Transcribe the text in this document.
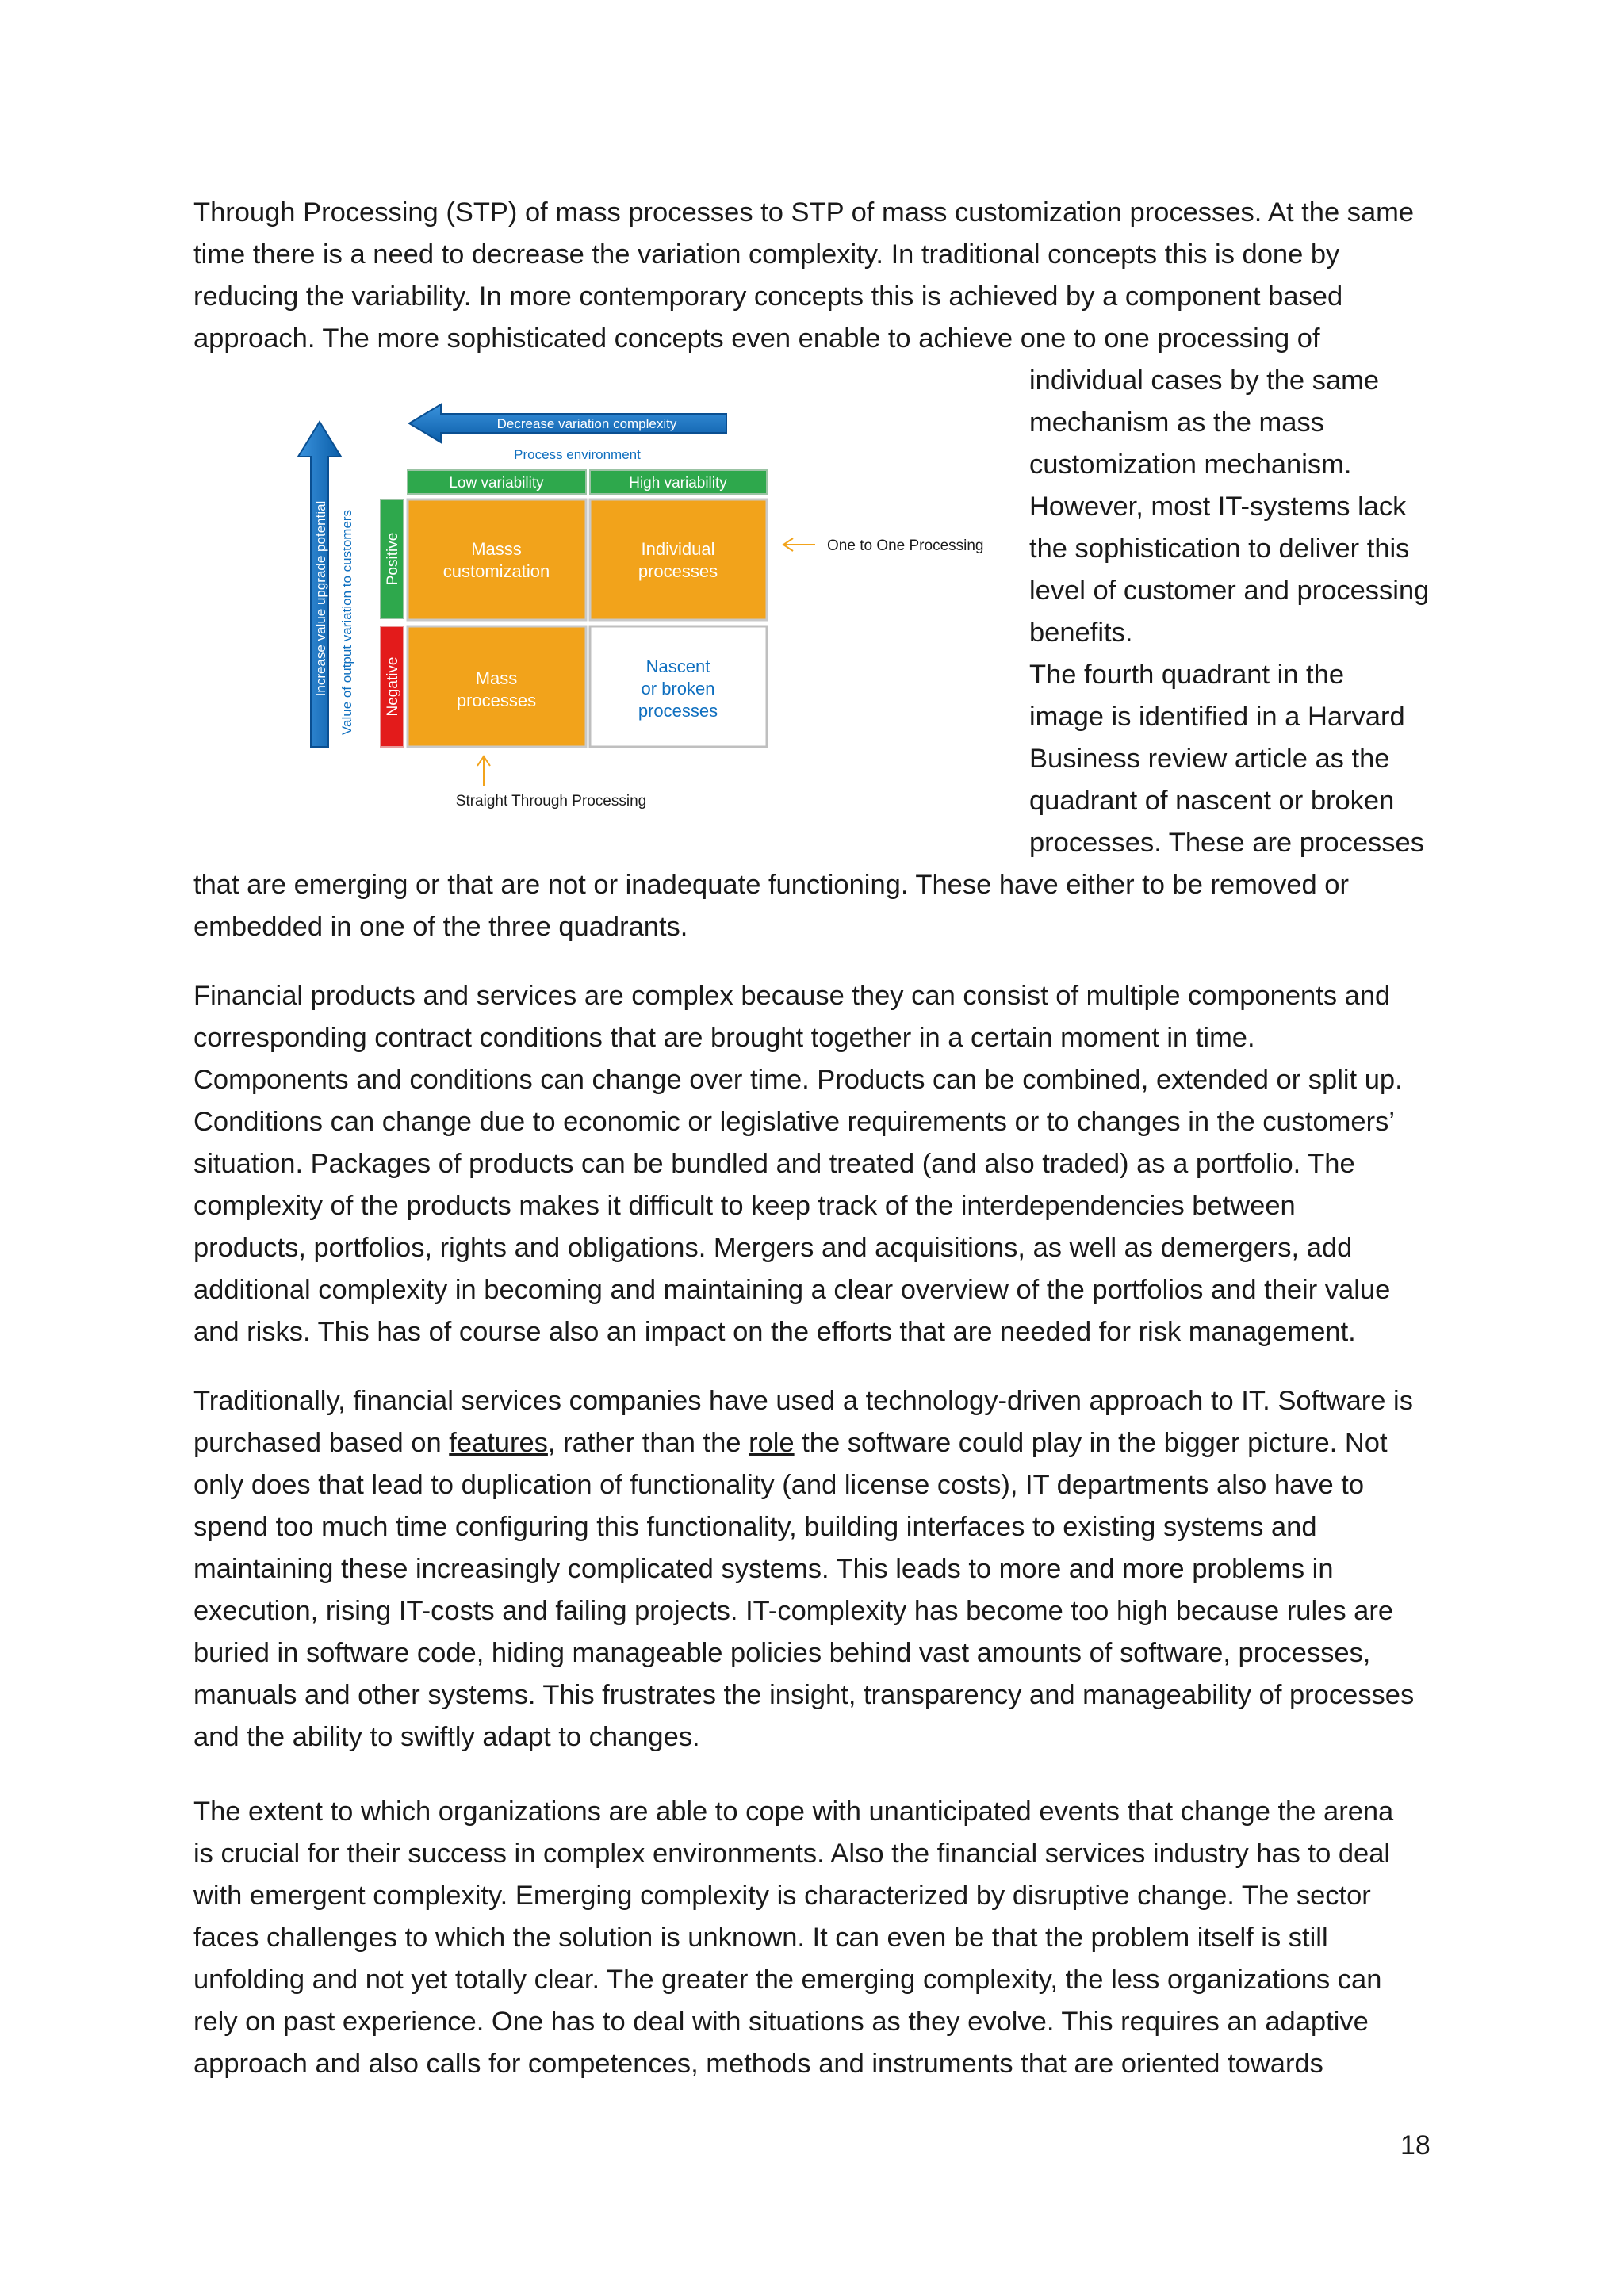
Through Processing (STP) of mass processes to STP of mass customization processes. At the same

time there is a need to decrease the variation complexity. In traditional concepts this is done by

reducing the variability. In more contemporary concepts this is achieved by a component based

approach. The more sophisticated concepts even enable to achieve one to one processing of

individual cases by the same

mechanism as the mass

customization mechanism.

However, most IT-systems lack

the sophistication to deliver this

level of customer and processing

benefits.

The fourth quadrant in the

image is identified in a Harvard

Business review article as the

quadrant of nascent or broken

processes. These are processes

that are emerging or that are not or inadequate functioning. These have either to be removed or

embedded in one of the three quadrants.

Decrease variation complexity
Process environment
Low variability	High variability
Increase value upgrade potential Value of output variation to customers Positive
Negative
Masss
customization
Individual
processes
Mass
processes
Nascent
or broken
processes
One to One Processing
Straight Through Processing

Financial products and services are complex because they can consist of multiple components and

corresponding contract conditions that are brought together in a certain moment in time.

Components and conditions can change over time. Products can be combined, extended or split up.

Conditions can change due to economic or legislative requirements or to changes in the customers’

situation. Packages of products can be bundled and treated (and also traded) as a portfolio. The

complexity of the products makes it difficult to keep track of the interdependencies between

products, portfolios, rights and obligations. Mergers and acquisitions, as well as demergers, add

additional complexity in becoming and maintaining a clear overview of the portfolios and their value

and risks. This has of course also an impact on the efforts that are needed for risk management.

Traditionally, financial services companies have used a technology-driven approach to IT. Software is

purchased based on features, rather than the role the software could play in the bigger picture. Not

only does that lead to duplication of functionality (and license costs), IT departments also have to

spend too much time configuring this functionality, building interfaces to existing systems and

maintaining these increasingly complicated systems. This leads to more and more problems in

execution, rising IT-costs and failing projects. IT-complexity has become too high because rules are

buried in software code, hiding manageable policies behind vast amounts of software, processes,

manuals and other systems. This frustrates the insight, transparency and manageability of processes

and the ability to swiftly adapt to changes.

The extent to which organizations are able to cope with unanticipated events that change the arena

is crucial for their success in complex environments. Also the financial services industry has to deal

with emergent complexity. Emerging complexity is characterized by disruptive change. The sector

faces challenges to which the solution is unknown. It can even be that the problem itself is still

unfolding and not yet totally clear. The greater the emerging complexity, the less organizations can

rely on past experience. One has to deal with situations as they evolve. This requires an adaptive

approach and also calls for competences, methods and instruments that are oriented towards

18
